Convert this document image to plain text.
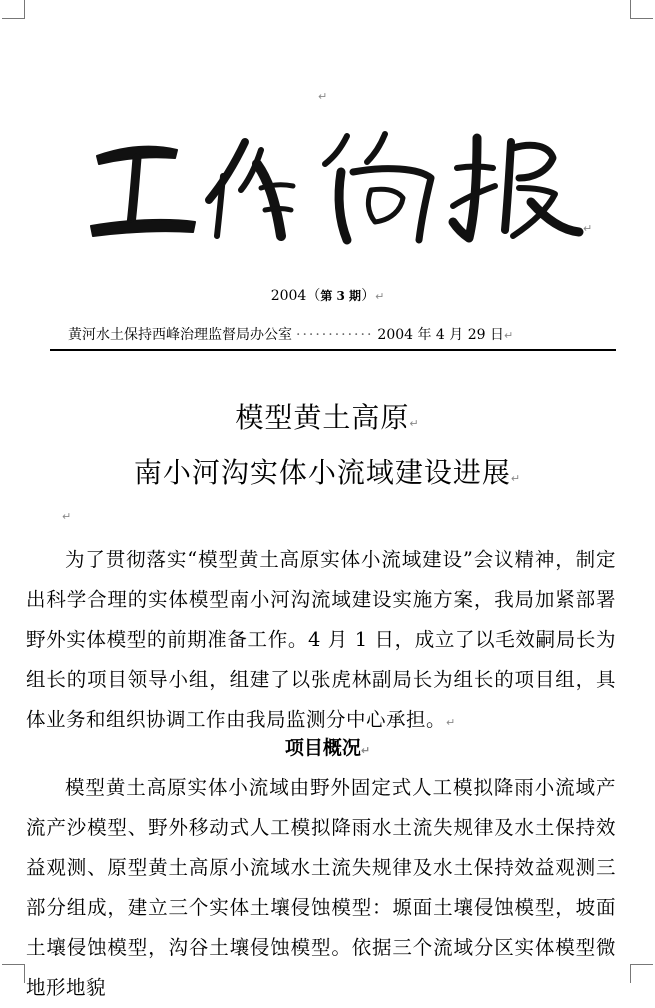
↵
↵
2004（第 3 期）↵
黄河水土保持西峰治理监督局办公室 ············ 2004 年 4 月 29 日↵
模型黄土高原↵
南小河沟实体小流域建设进展↵
↵
为了贯彻落实“模型黄土高原实体小流域建设”会议精神，制定出科学合理的实体模型南小河沟流域建设实施方案，我局加紧部署野外实体模型的前期准备工作。4 月 1 日，成立了以毛效嗣局长为组长的项目领导小组，组建了以张虎林副局长为组长的项目组，具体业务和组织协调工作由我局监测分中心承担。↵
项目概况↵
模型黄土高原实体小流域由野外固定式人工模拟降雨小流域产流产沙模型、野外移动式人工模拟降雨水土流失规律及水土保持效益观测、原型黄土高原小流域水土流失规律及水土保持效益观测三部分组成，建立三个实体土壤侵蚀模型：塬面土壤侵蚀模型，坡面土壤侵蚀模型，沟谷土壤侵蚀模型。依据三个流域分区实体模型微地形地貌
